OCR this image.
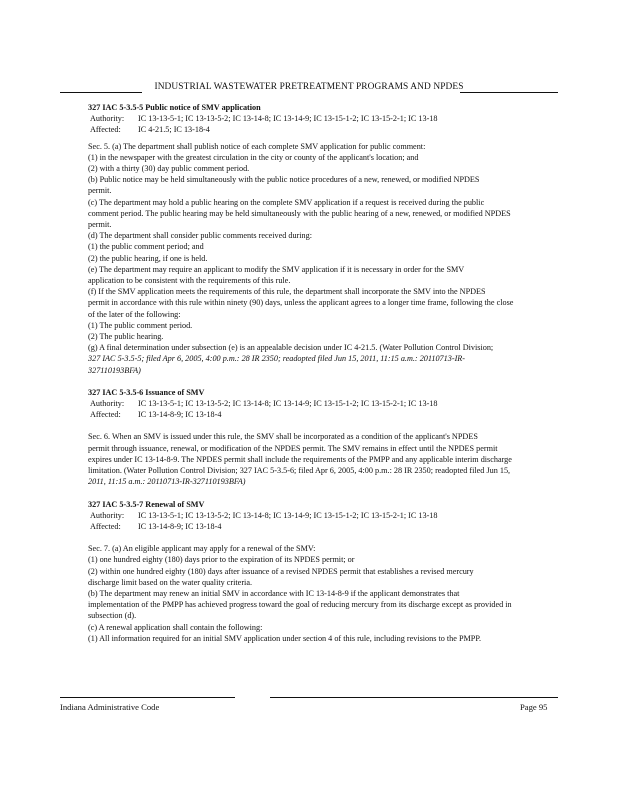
INDUSTRIAL WASTEWATER PRETREATMENT PROGRAMS AND NPDES

327 IAC 5-3.5-5 Public notice of SMV application

Authority: IC 13-13-5-1; IC 13-13-5-2; IC 13-14-8; IC 13-14-9; IC 13-15-1-2; IC 13-15-2-1; IC 13-18

Affected: IC 4-21.5; IC 13-18-4

Sec. 5. (a) The department shall publish notice of each complete SMV application for public comment:

(1) in the newspaper with the greatest circulation in the city or county of the applicant's location; and

(2) with a thirty (30) day public comment period.

(b) Public notice may be held simultaneously with the public notice procedures of a new, renewed, or modified NPDES

permit.

(c) The department may hold a public hearing on the complete SMV application if a request is received during the public

comment period. The public hearing may be held simultaneously with the public hearing of a new, renewed, or modified NPDES

permit.

(d) The department shall consider public comments received during:

(1) the public comment period; and

(2) the public hearing, if one is held.

(e) The department may require an applicant to modify the SMV application if it is necessary in order for the SMV

application to be consistent with the requirements of this rule.

(f) If the SMV application meets the requirements of this rule, the department shall incorporate the SMV into the NPDES

permit in accordance with this rule within ninety (90) days, unless the applicant agrees to a longer time frame, following the close

of the later of the following:

(1) The public comment period.

(2) The public hearing.

(g) A final determination under subsection (e) is an appealable decision under IC 4-21.5. (Water Pollution Control Division;

327 IAC 5-3.5-5; filed Apr 6, 2005, 4:00 p.m.: 28 IR 2350; readopted filed Jun 15, 2011, 11:15 a.m.: 20110713-IR-

327110193BFA)

327 IAC 5-3.5-6 Issuance of SMV

Authority: IC 13-13-5-1; IC 13-13-5-2; IC 13-14-8; IC 13-14-9; IC 13-15-1-2; IC 13-15-2-1; IC 13-18

Affected: IC 13-14-8-9; IC 13-18-4

Sec. 6. When an SMV is issued under this rule, the SMV shall be incorporated as a condition of the applicant's NPDES

permit through issuance, renewal, or modification of the NPDES permit. The SMV remains in effect until the NPDES permit

expires under IC 13-14-8-9. The NPDES permit shall include the requirements of the PMPP and any applicable interim discharge

limitation. (Water Pollution Control Division; 327 IAC 5-3.5-6; filed Apr 6, 2005, 4:00 p.m.: 28 IR 2350; readopted filed Jun 15,

2011, 11:15 a.m.: 20110713-IR-327110193BFA)

327 IAC 5-3.5-7 Renewal of SMV

Authority: IC 13-13-5-1; IC 13-13-5-2; IC 13-14-8; IC 13-14-9; IC 13-15-1-2; IC 13-15-2-1; IC 13-18

Affected: IC 13-14-8-9; IC 13-18-4

Sec. 7. (a) An eligible applicant may apply for a renewal of the SMV:

(1) one hundred eighty (180) days prior to the expiration of its NPDES permit; or

(2) within one hundred eighty (180) days after issuance of a revised NPDES permit that establishes a revised mercury

discharge limit based on the water quality criteria.

(b) The department may renew an initial SMV in accordance with IC 13-14-8-9 if the applicant demonstrates that

implementation of the PMPP has achieved progress toward the goal of reducing mercury from its discharge except as provided in

subsection (d).

(c) A renewal application shall contain the following:

(1) All information required for an initial SMV application under section 4 of this rule, including revisions to the PMPP.

Indiana Administrative Code	Page 95
